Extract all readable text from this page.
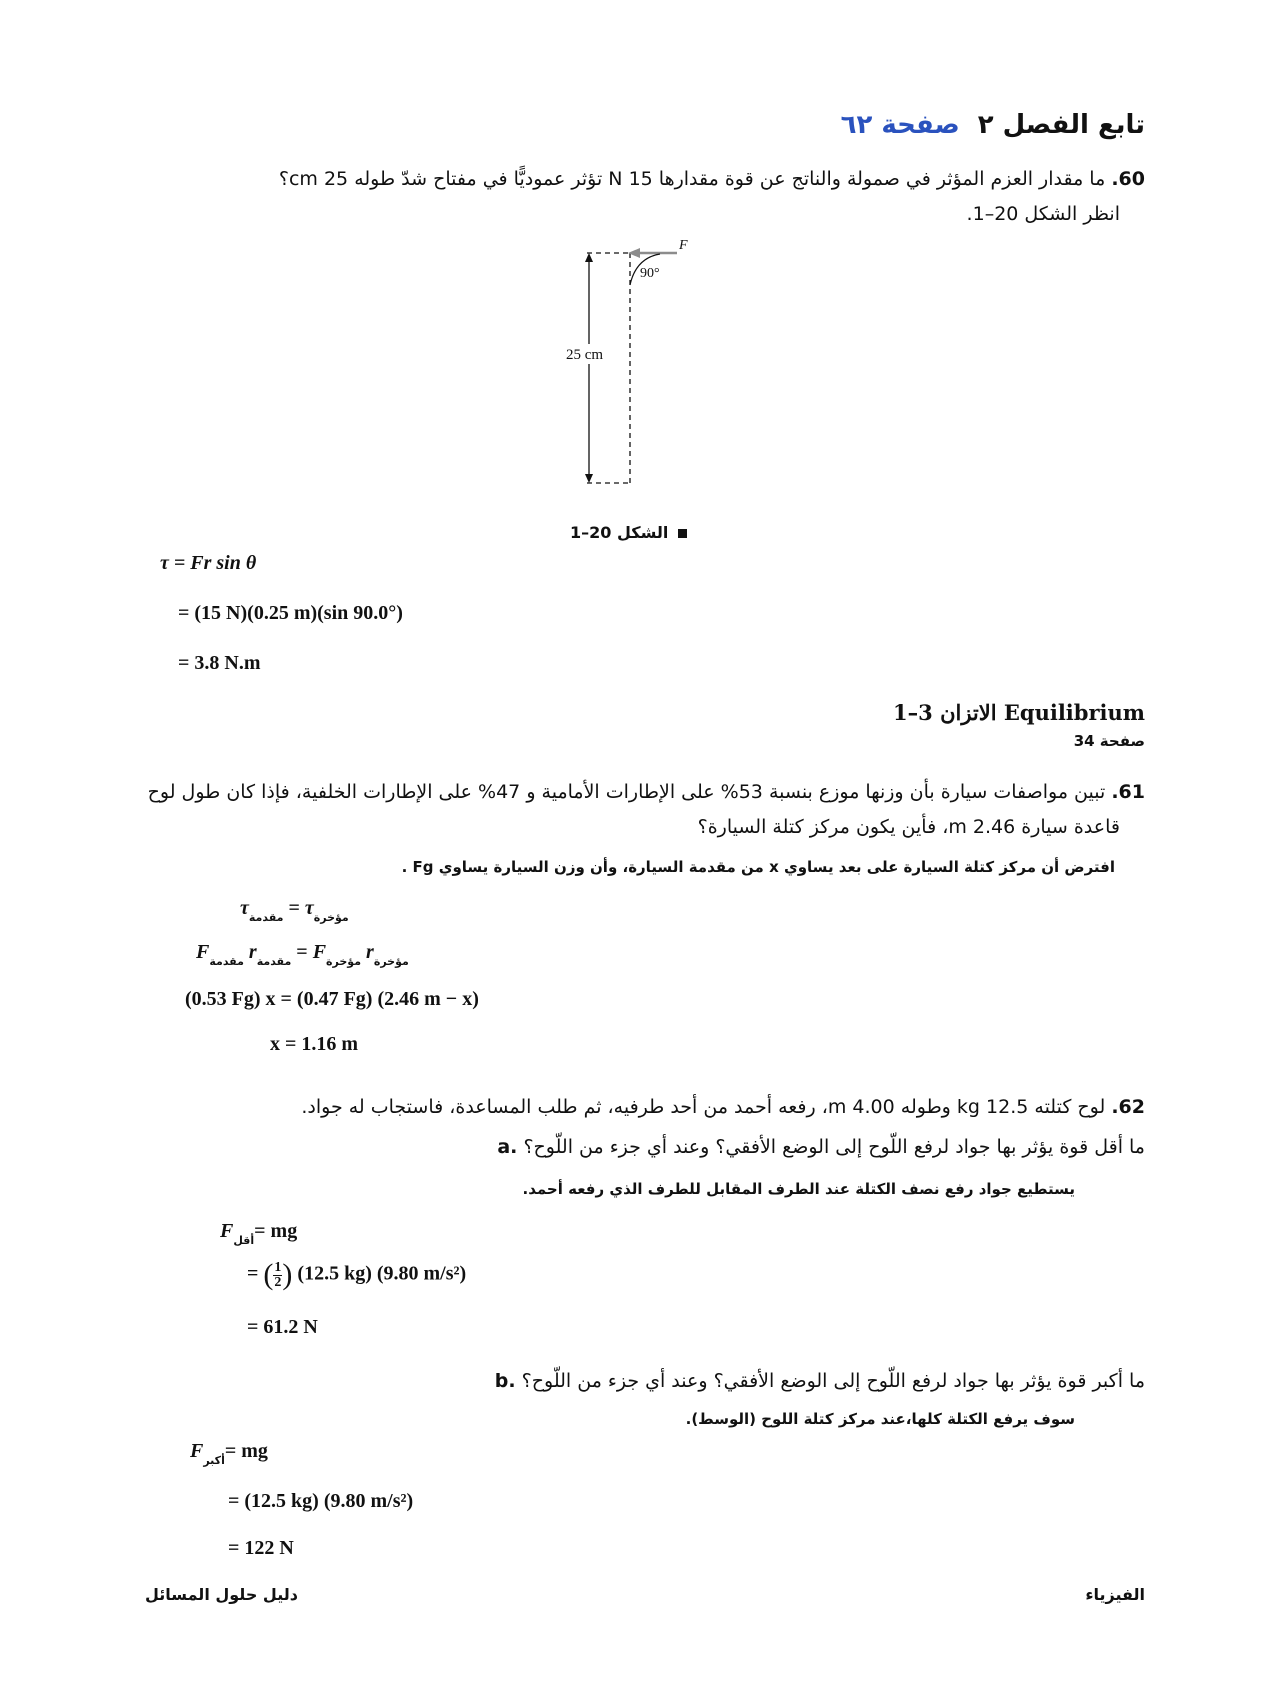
تابع الفصل ٢صفحة ٦٢
60. ما مقدار العزم المؤثر في صمولة والناتج عن قوة مقدارها 15 N تؤثر عموديًّا في مفتاح شدّ طوله 25 cm؟
انظر الشكل 20–1.
F
90°
25 cm
الشكل 20–1
τ = Fr sin θ
= (15 N)(0.25 m)(sin 90.0°)
= 3.8 N.m
1–3 الاتزان Equilibrium
صفحة 34
61. تبين مواصفات سيارة بأن وزنها موزع بنسبة 53% على الإطارات الأمامية و 47% على الإطارات الخلفية، فإذا كان طول لوح
قاعدة سيارة 2.46 m، فأين يكون مركز كتلة السيارة؟
افترض أن مركز كتلة السيارة على بعد يساوي x من مقدمة السيارة، وأن وزن السيارة يساوي Fg .
$\tau_{مقدمة} = \tau_{مؤخرة}$
$F_{مقدمة}$ $r_{مقدمة} = F_{مؤخرة}$ $r_{مؤخرة}$
(0.53 Fg) x = (0.47 Fg) (2.46 m − x)
x = 1.16 m
62. لوح كتلته 12.5 kg وطوله 4.00 m، رفعه أحمد من أحد طرفيه، ثم طلب المساعدة، فاستجاب له جواد.
a. ما أقل قوة يؤثر بها جواد لرفع اللّوح إلى الوضع الأفقي؟ وعند أي جزء من اللّوح؟
يستطيع جواد رفع نصف الكتلة عند الطرف المقابل للطرف الذي رفعه أحمد.
$F_{أقل}=$ mg
= ( $\frac{1}{2}$ ) (12.5 kg) (9.80 m/s²)
= 61.2 N
b. ما أكبر قوة يؤثر بها جواد لرفع اللّوح إلى الوضع الأفقي؟ وعند أي جزء من اللّوح؟
سوف يرفع الكتلة كلها،عند مركز كتلة اللوح (الوسط).
$F_{أكبر}=$ mg
= (12.5 kg) (9.80 m/s²)
= 122 N
الفيزياء
دليل حلول المسائل
